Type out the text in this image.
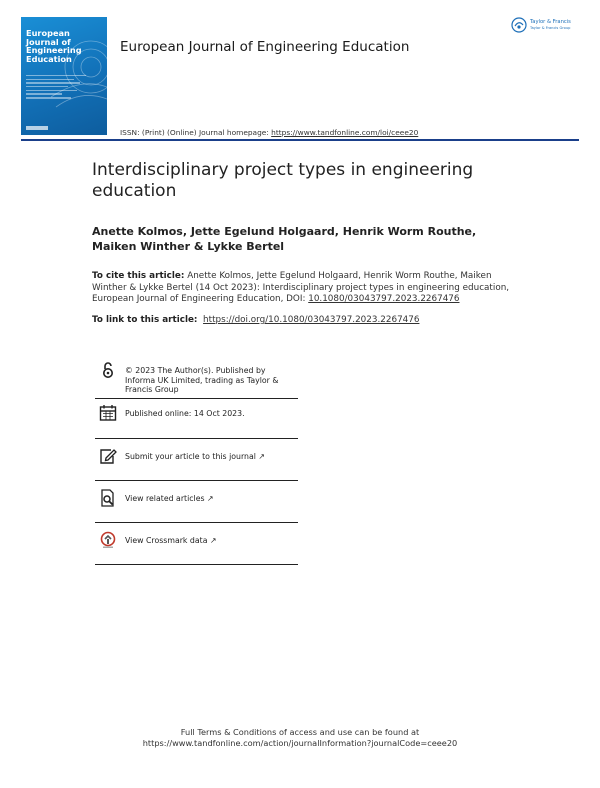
European Journal of Engineering Education
European Journal of Engineering Education
ISSN: (Print) (Online) Journal homepage: https://www.tandfonline.com/loi/ceee20
Taylor & Francis
Taylor & Francis Group
Interdisciplinary project types in engineering education
Anette Kolmos, Jette Egelund Holgaard, Henrik Worm Routhe, Maiken Winther & Lykke Bertel
To cite this article: Anette Kolmos, Jette Egelund Holgaard, Henrik Worm Routhe, Maiken Winther & Lykke Bertel (14 Oct 2023): Interdisciplinary project types in engineering education, European Journal of Engineering Education, DOI: 10.1080/03043797.2023.2267476
To link to this article: https://doi.org/10.1080/03043797.2023.2267476
© 2023 The Author(s). Published by Informa UK Limited, trading as Taylor & Francis Group
Published online: 14 Oct 2023.
Submit your article to this journal ↗
View related articles ↗
View Crossmark data ↗
Full Terms & Conditions of access and use can be found at
https://www.tandfonline.com/action/journalInformation?journalCode=ceee20
